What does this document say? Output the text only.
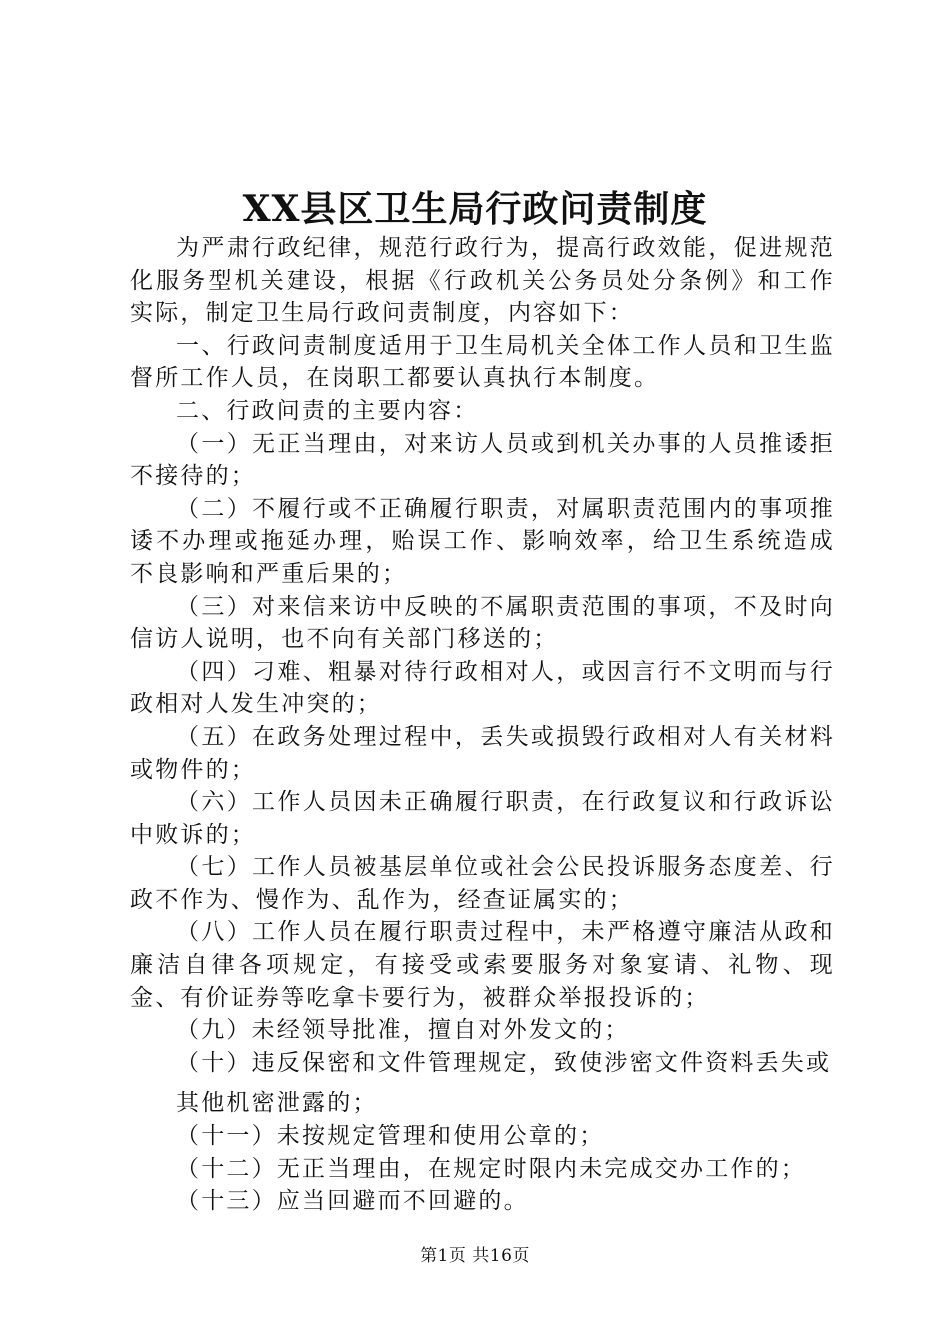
XX县区卫生局行政问责制度

为严肃行政纪律，规范行政行为，提高行政效能，促进规范化服务型机关建设，根据《行政机关公务员处分条例》和工作实际，制定卫生局行政问责制度，内容如下：

一、行政问责制度适用于卫生局机关全体工作人员和卫生监督所工作人员，在岗职工都要认真执行本制度。

二、行政问责的主要内容：

（一）无正当理由，对来访人员或到机关办事的人员推诿拒不接待的；

（二）不履行或不正确履行职责，对属职责范围内的事项推诿不办理或拖延办理，贻误工作、影响效率，给卫生系统造成不良影响和严重后果的；

（三）对来信来访中反映的不属职责范围的事项，不及时向信访人说明，也不向有关部门移送的；

（四）刁难、粗暴对待行政相对人，或因言行不文明而与行政相对人发生冲突的；

（五）在政务处理过程中，丢失或损毁行政相对人有关材料或物件的；

（六）工作人员因未正确履行职责，在行政复议和行政诉讼中败诉的；

（七）工作人员被基层单位或社会公民投诉服务态度差、行政不作为、慢作为、乱作为，经查证属实的；

（八）工作人员在履行职责过程中，未严格遵守廉洁从政和廉洁自律各项规定，有接受或索要服务对象宴请、礼物、现金、有价证券等吃拿卡要行为，被群众举报投诉的；

（九）未经领导批准，擅自对外发文的；

（十）违反保密和文件管理规定，致使涉密文件资料丢失或

其他机密泄露的；

（十一）未按规定管理和使用公章的；

（十二）无正当理由，在规定时限内未完成交办工作的；

（十三）应当回避而不回避的。

第1页 共16页
